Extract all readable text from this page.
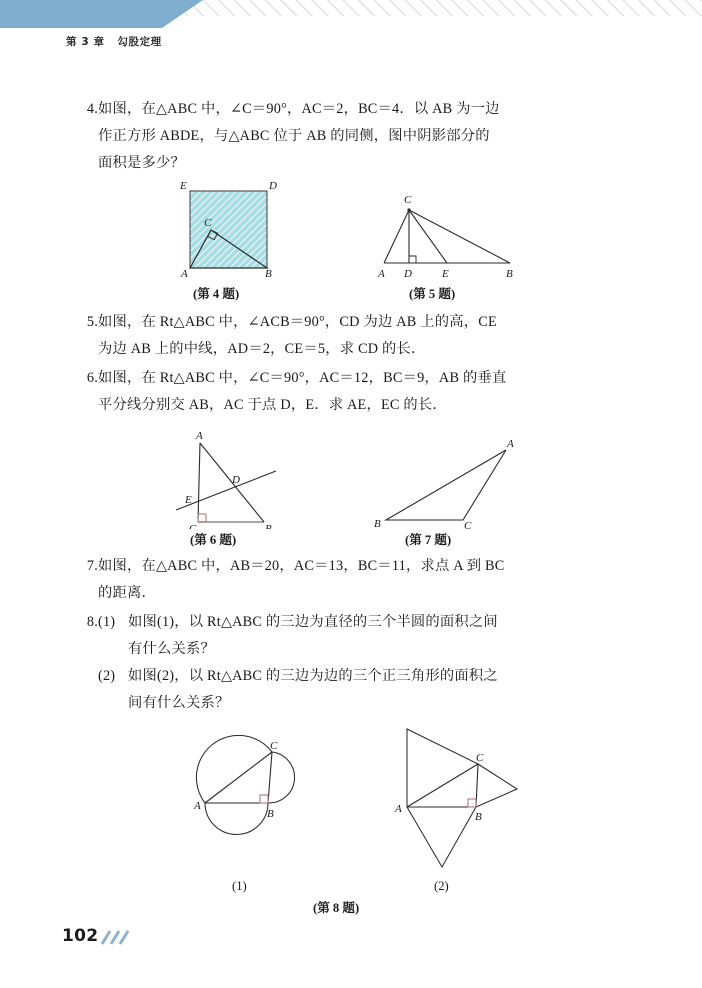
第 3 章   勾股定理
4. 如图，在△ABC 中，∠C＝90°，AC＝2，BC＝4．以 AB 为一边
作正方形 ABDE，与△ABC 位于 AB 的同侧，图中阴影部分的
面积是多少？
E	D
A	B
C
(第 4 题)
C
A D	E	B
(第 5 题)
5. 如图，在 Rt△ABC 中，∠ACB＝90°，CD 为边 AB 上的高，CE
为边 AB 上的中线，AD＝2，CE＝5，求 CD 的长．
6. 如图，在 Rt△ABC 中，∠C＝90°，AC＝12，BC＝9，AB 的垂直
平分线分别交 AB，AC 于点 D，E．求 AE，EC 的长．
A
D
E
C	B
(第 6 题)
B	C
A
(第 7 题)
7. 如图，在△ABC 中，AB＝20，AC＝13，BC＝11，求点 A 到 BC
的距离．
8. (1) 如图(1)，以 Rt△ABC 的三边为直径的三个半圆的面积之间
有什么关系？
(2) 如图(2)，以 Rt△ABC 的三边为边的三个正三角形的面积之
间有什么关系？
A
B
C
(1)
A
B
C
(2)
(第 8 题)
102
